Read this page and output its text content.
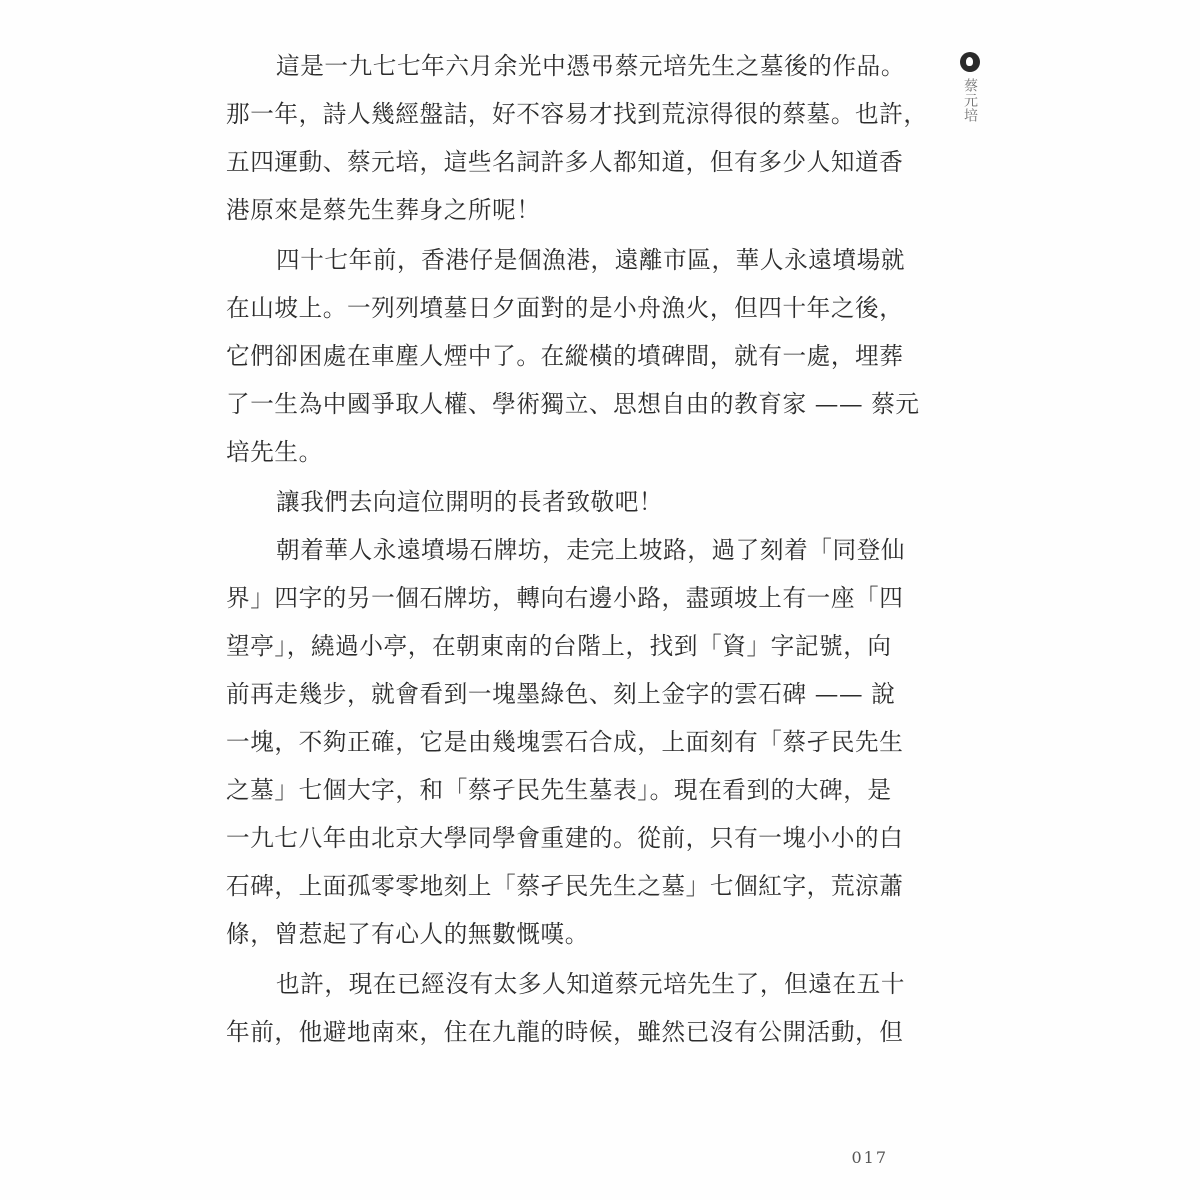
蔡元培
這是一九七七年六月余光中憑弔蔡元培先生之墓後的作品。
那一年，詩人幾經盤詰，好不容易才找到荒涼得很的蔡墓。也許，
五四運動、蔡元培，這些名詞許多人都知道，但有多少人知道香
港原來是蔡先生葬身之所呢！
四十七年前，香港仔是個漁港，遠離市區，華人永遠墳場就
在山坡上。一列列墳墓日夕面對的是小舟漁火，但四十年之後，
它們卻困處在車塵人煙中了。在縱橫的墳碑間，就有一處，埋葬
了一生為中國爭取人權、學術獨立、思想自由的教育家 —— 蔡元
培先生。
讓我們去向這位開明的長者致敬吧！
朝着華人永遠墳場石牌坊，走完上坡路，過了刻着「同登仙
界」四字的另一個石牌坊，轉向右邊小路，盡頭坡上有一座「四
望亭」，繞過小亭，在朝東南的台階上，找到「資」字記號，向
前再走幾步，就會看到一塊墨綠色、刻上金字的雲石碑 —— 說
一塊，不夠正確，它是由幾塊雲石合成，上面刻有「蔡孑民先生
之墓」七個大字，和「蔡孑民先生墓表」。現在看到的大碑，是
一九七八年由北京大學同學會重建的。從前，只有一塊小小的白
石碑，上面孤零零地刻上「蔡孑民先生之墓」七個紅字，荒涼蕭
條，曾惹起了有心人的無數慨嘆。
也許，現在已經沒有太多人知道蔡元培先生了，但遠在五十
年前，他避地南來，住在九龍的時候，雖然已沒有公開活動，但
017
